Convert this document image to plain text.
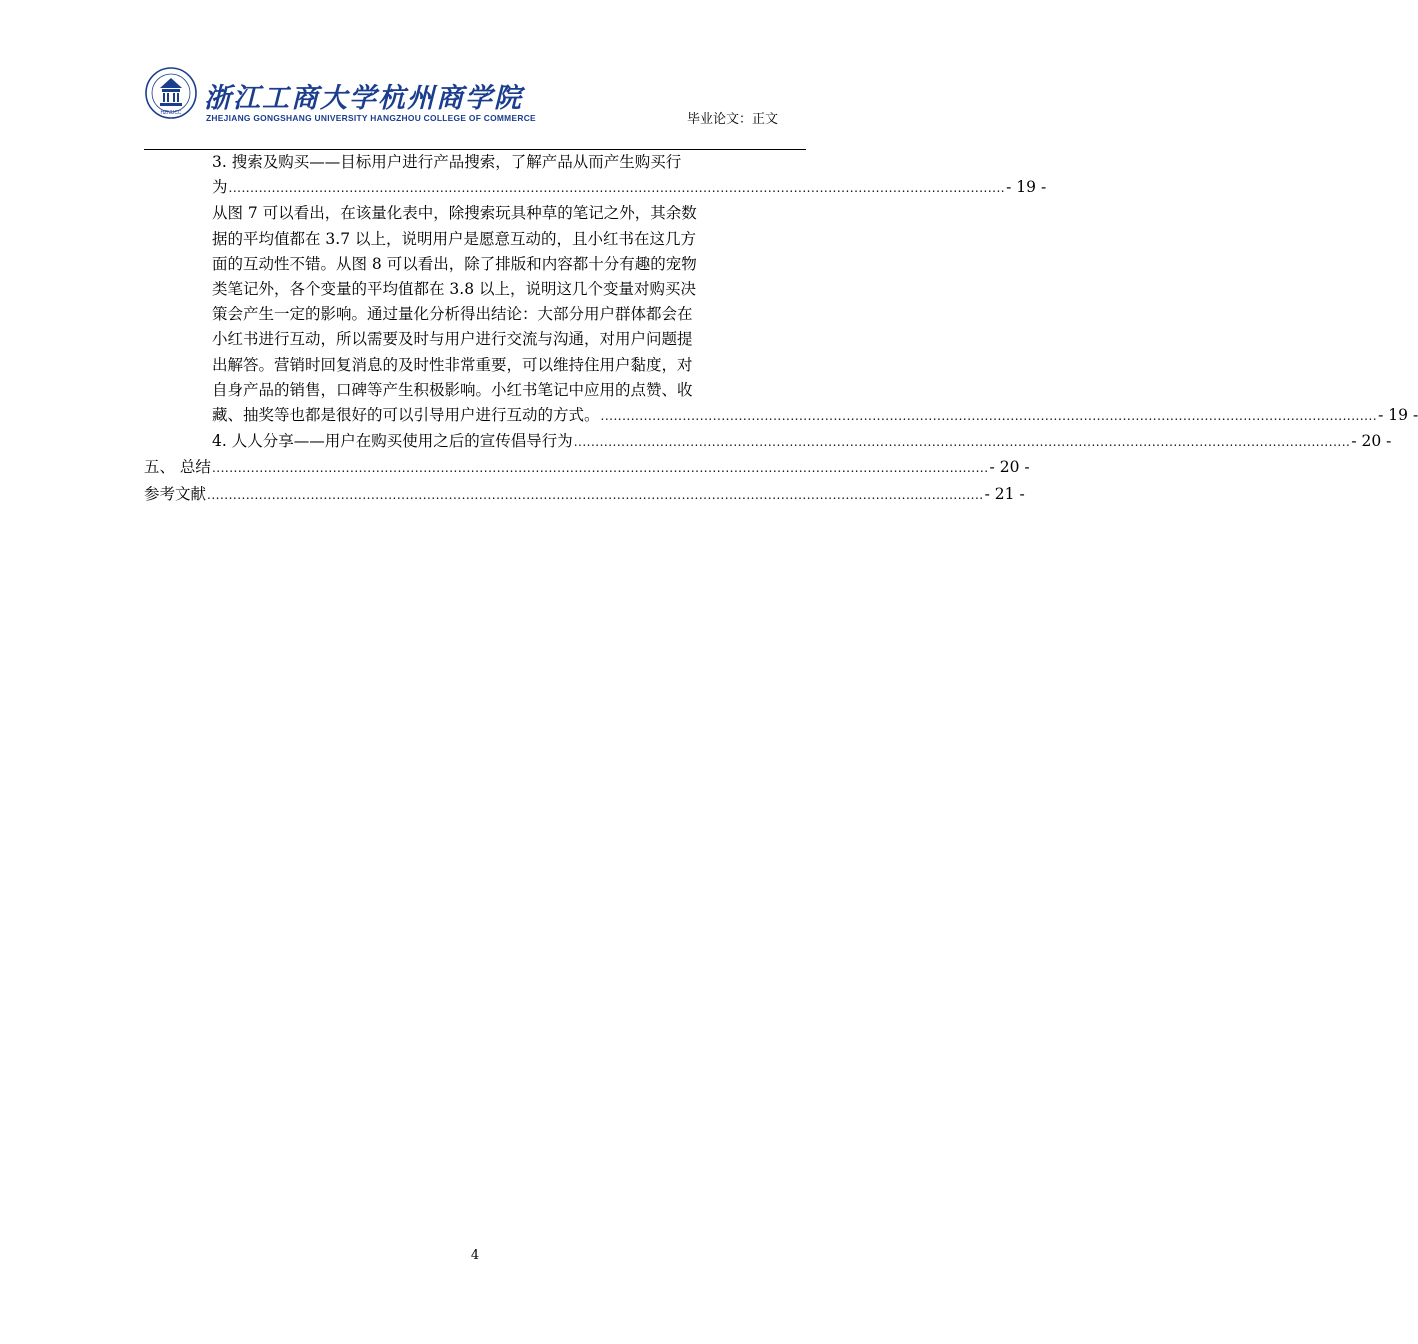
HZNUCC 浙江工商大学杭州商学院
ZHEJIANG GONGSHANG UNIVERSITY HANGZHOU COLLEGE OF COMMERCE	毕业论文：正文
3. 搜索及购买——目标用户进行产品搜索，了解产品从而产生购买行
为 .................................................................................................................................................................................... - 19 -
从图 7 可以看出，在该量化表中，除搜索玩具种草的笔记之外，其余数
据的平均值都在 3.7 以上，说明用户是愿意互动的，且小红书在这几方
面的互动性不错。从图 8 可以看出，除了排版和内容都十分有趣的宠物
类笔记外，各个变量的平均值都在 3.8 以上，说明这几个变量对购买决
策会产生一定的影响。通过量化分析得出结论：大部分用户群体都会在
小红书进行互动，所以需要及时与用户进行交流与沟通，对用户问题提
出解答。营销时回复消息的及时性非常重要，可以维持住用户黏度，对
自身产品的销售，口碑等产生积极影响。小红书笔记中应用的点赞、收
藏、抽奖等也都是很好的可以引导用户进行互动的方式。 .................................................................................................................................................................................... - 19 -
4. 人人分享——用户在购买使用之后的宣传倡导行为 .................................................................................................................................................................................... - 20 -
五、 总结 .................................................................................................................................................................................... - 20 -
参考文献 .................................................................................................................................................................................... - 21 -
4
